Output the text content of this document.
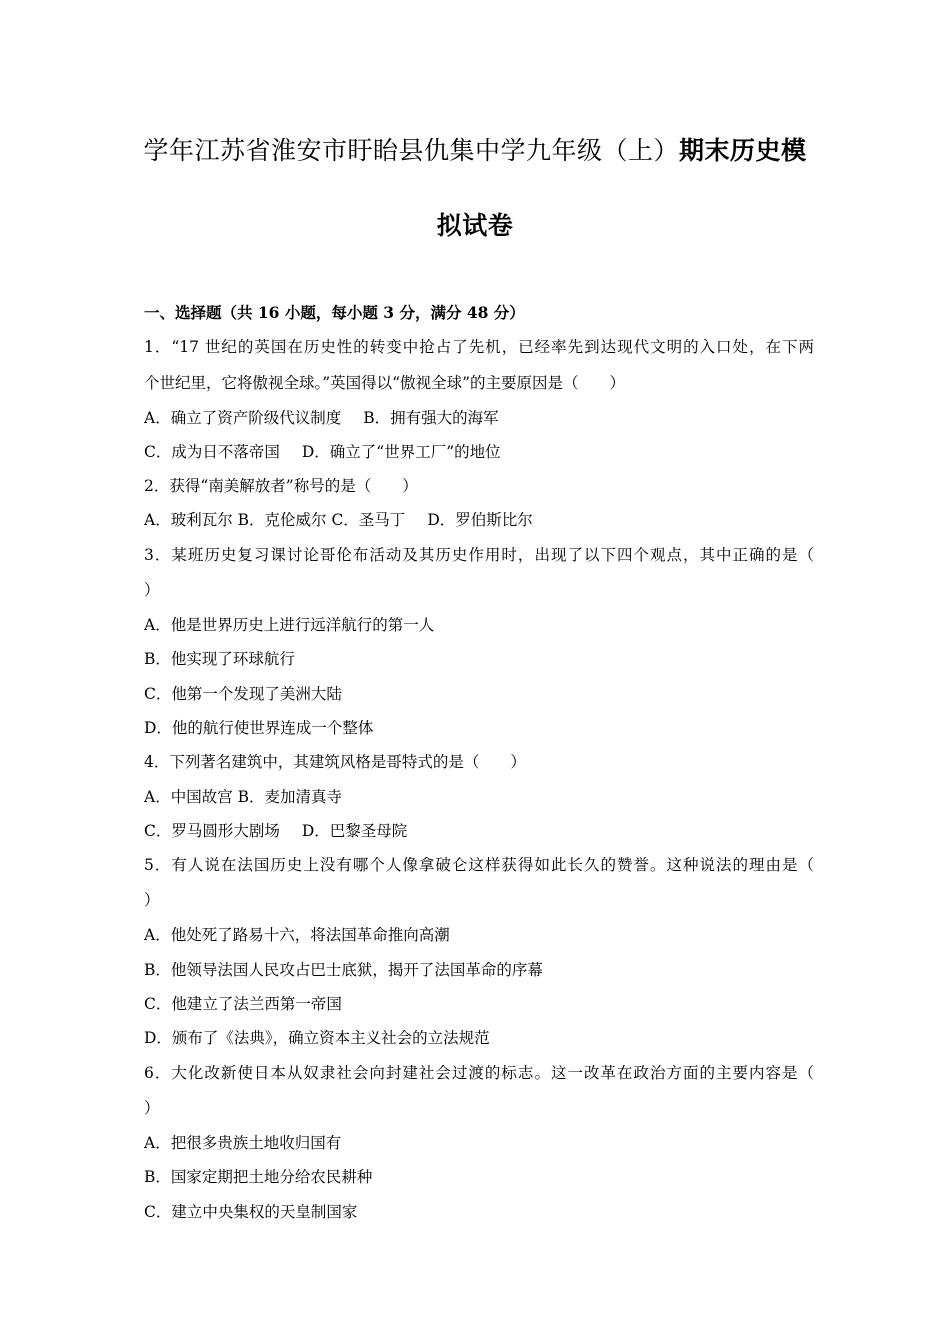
学年江苏省淮安市盱眙县仇集中学九年级（上）期末历史模
拟试卷
一、选择题（共 16 小题，每小题 3 分，满分 48 分）
1．“17 世纪的英国在历史性的转变中抢占了先机，已经率先到达现代文明的入口处，在下两
个世纪里，它将傲视全球。”英国得以“傲视全球”的主要原因是（　　）
A．确立了资产阶级代议制度 B．拥有强大的海军
C．成为日不落帝国 D．确立了“世界工厂”的地位
2．获得“南美解放者”称号的是（　　）
A．玻利瓦尔 B．克伦威尔 C．圣马丁 D．罗伯斯比尔
3．某班历史复习课讨论哥伦布活动及其历史作用时，出现了以下四个观点，其中正确的是（
）
A．他是世界历史上进行远洋航行的第一人
B．他实现了环球航行
C．他第一个发现了美洲大陆
D．他的航行使世界连成一个整体
4．下列著名建筑中，其建筑风格是哥特式的是（　　）
A．中国故宫 B．麦加清真寺
C．罗马圆形大剧场 D．巴黎圣母院
5．有人说在法国历史上没有哪个人像拿破仑这样获得如此长久的赞誉。这种说法的理由是（
）
A．他处死了路易十六，将法国革命推向高潮
B．他领导法国人民攻占巴士底狱，揭开了法国革命的序幕
C．他建立了法兰西第一帝国
D．颁布了《法典》，确立资本主义社会的立法规范
6．大化改新使日本从奴隶社会向封建社会过渡的标志。这一改革在政治方面的主要内容是（
）
A．把很多贵族土地收归国有
B．国家定期把土地分给农民耕种
C．建立中央集权的天皇制国家
